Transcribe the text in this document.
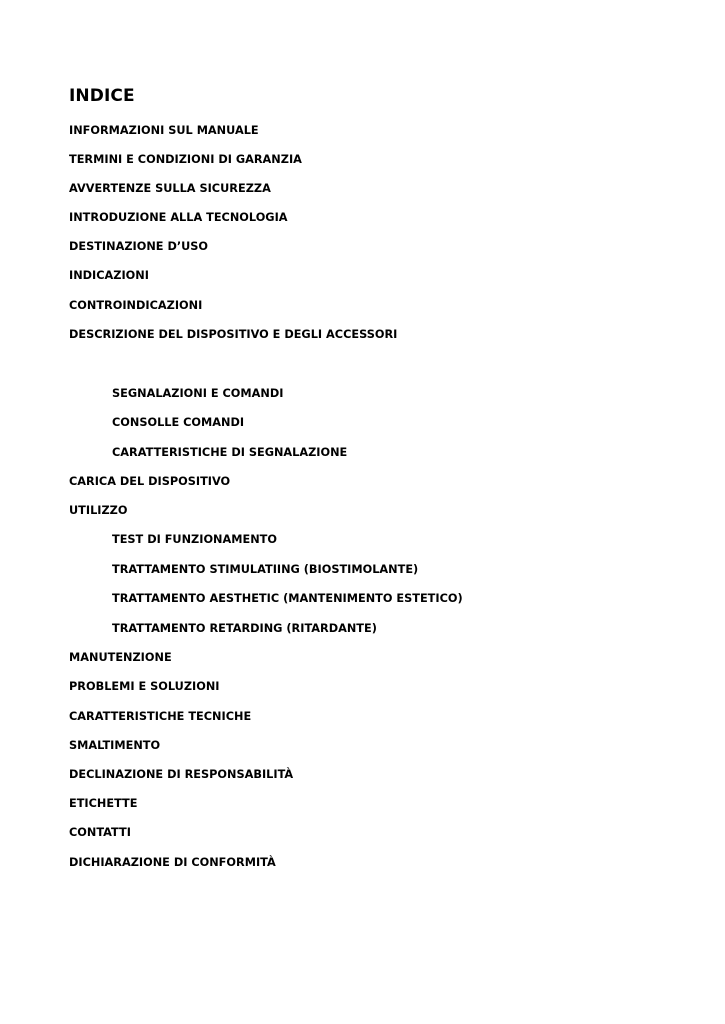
INDICE
INFORMAZIONI SUL MANUALE
TERMINI E CONDIZIONI DI GARANZIA
AVVERTENZE SULLA SICUREZZA
INTRODUZIONE ALLA TECNOLOGIA
DESTINAZIONE D’USO
INDICAZIONI
CONTROINDICAZIONI
DESCRIZIONE DEL DISPOSITIVO E DEGLI ACCESSORI
SEGNALAZIONI E COMANDI
CONSOLLE COMANDI
CARATTERISTICHE DI SEGNALAZIONE
CARICA DEL DISPOSITIVO
UTILIZZO
TEST DI FUNZIONAMENTO
TRATTAMENTO STIMULATIING (BIOSTIMOLANTE)
TRATTAMENTO AESTHETIC (MANTENIMENTO ESTETICO)
TRATTAMENTO RETARDING (RITARDANTE)
MANUTENZIONE
PROBLEMI E SOLUZIONI
CARATTERISTICHE TECNICHE
SMALTIMENTO
DECLINAZIONE DI RESPONSABILITÀ
ETICHETTE
CONTATTI
DICHIARAZIONE DI CONFORMITÀ
